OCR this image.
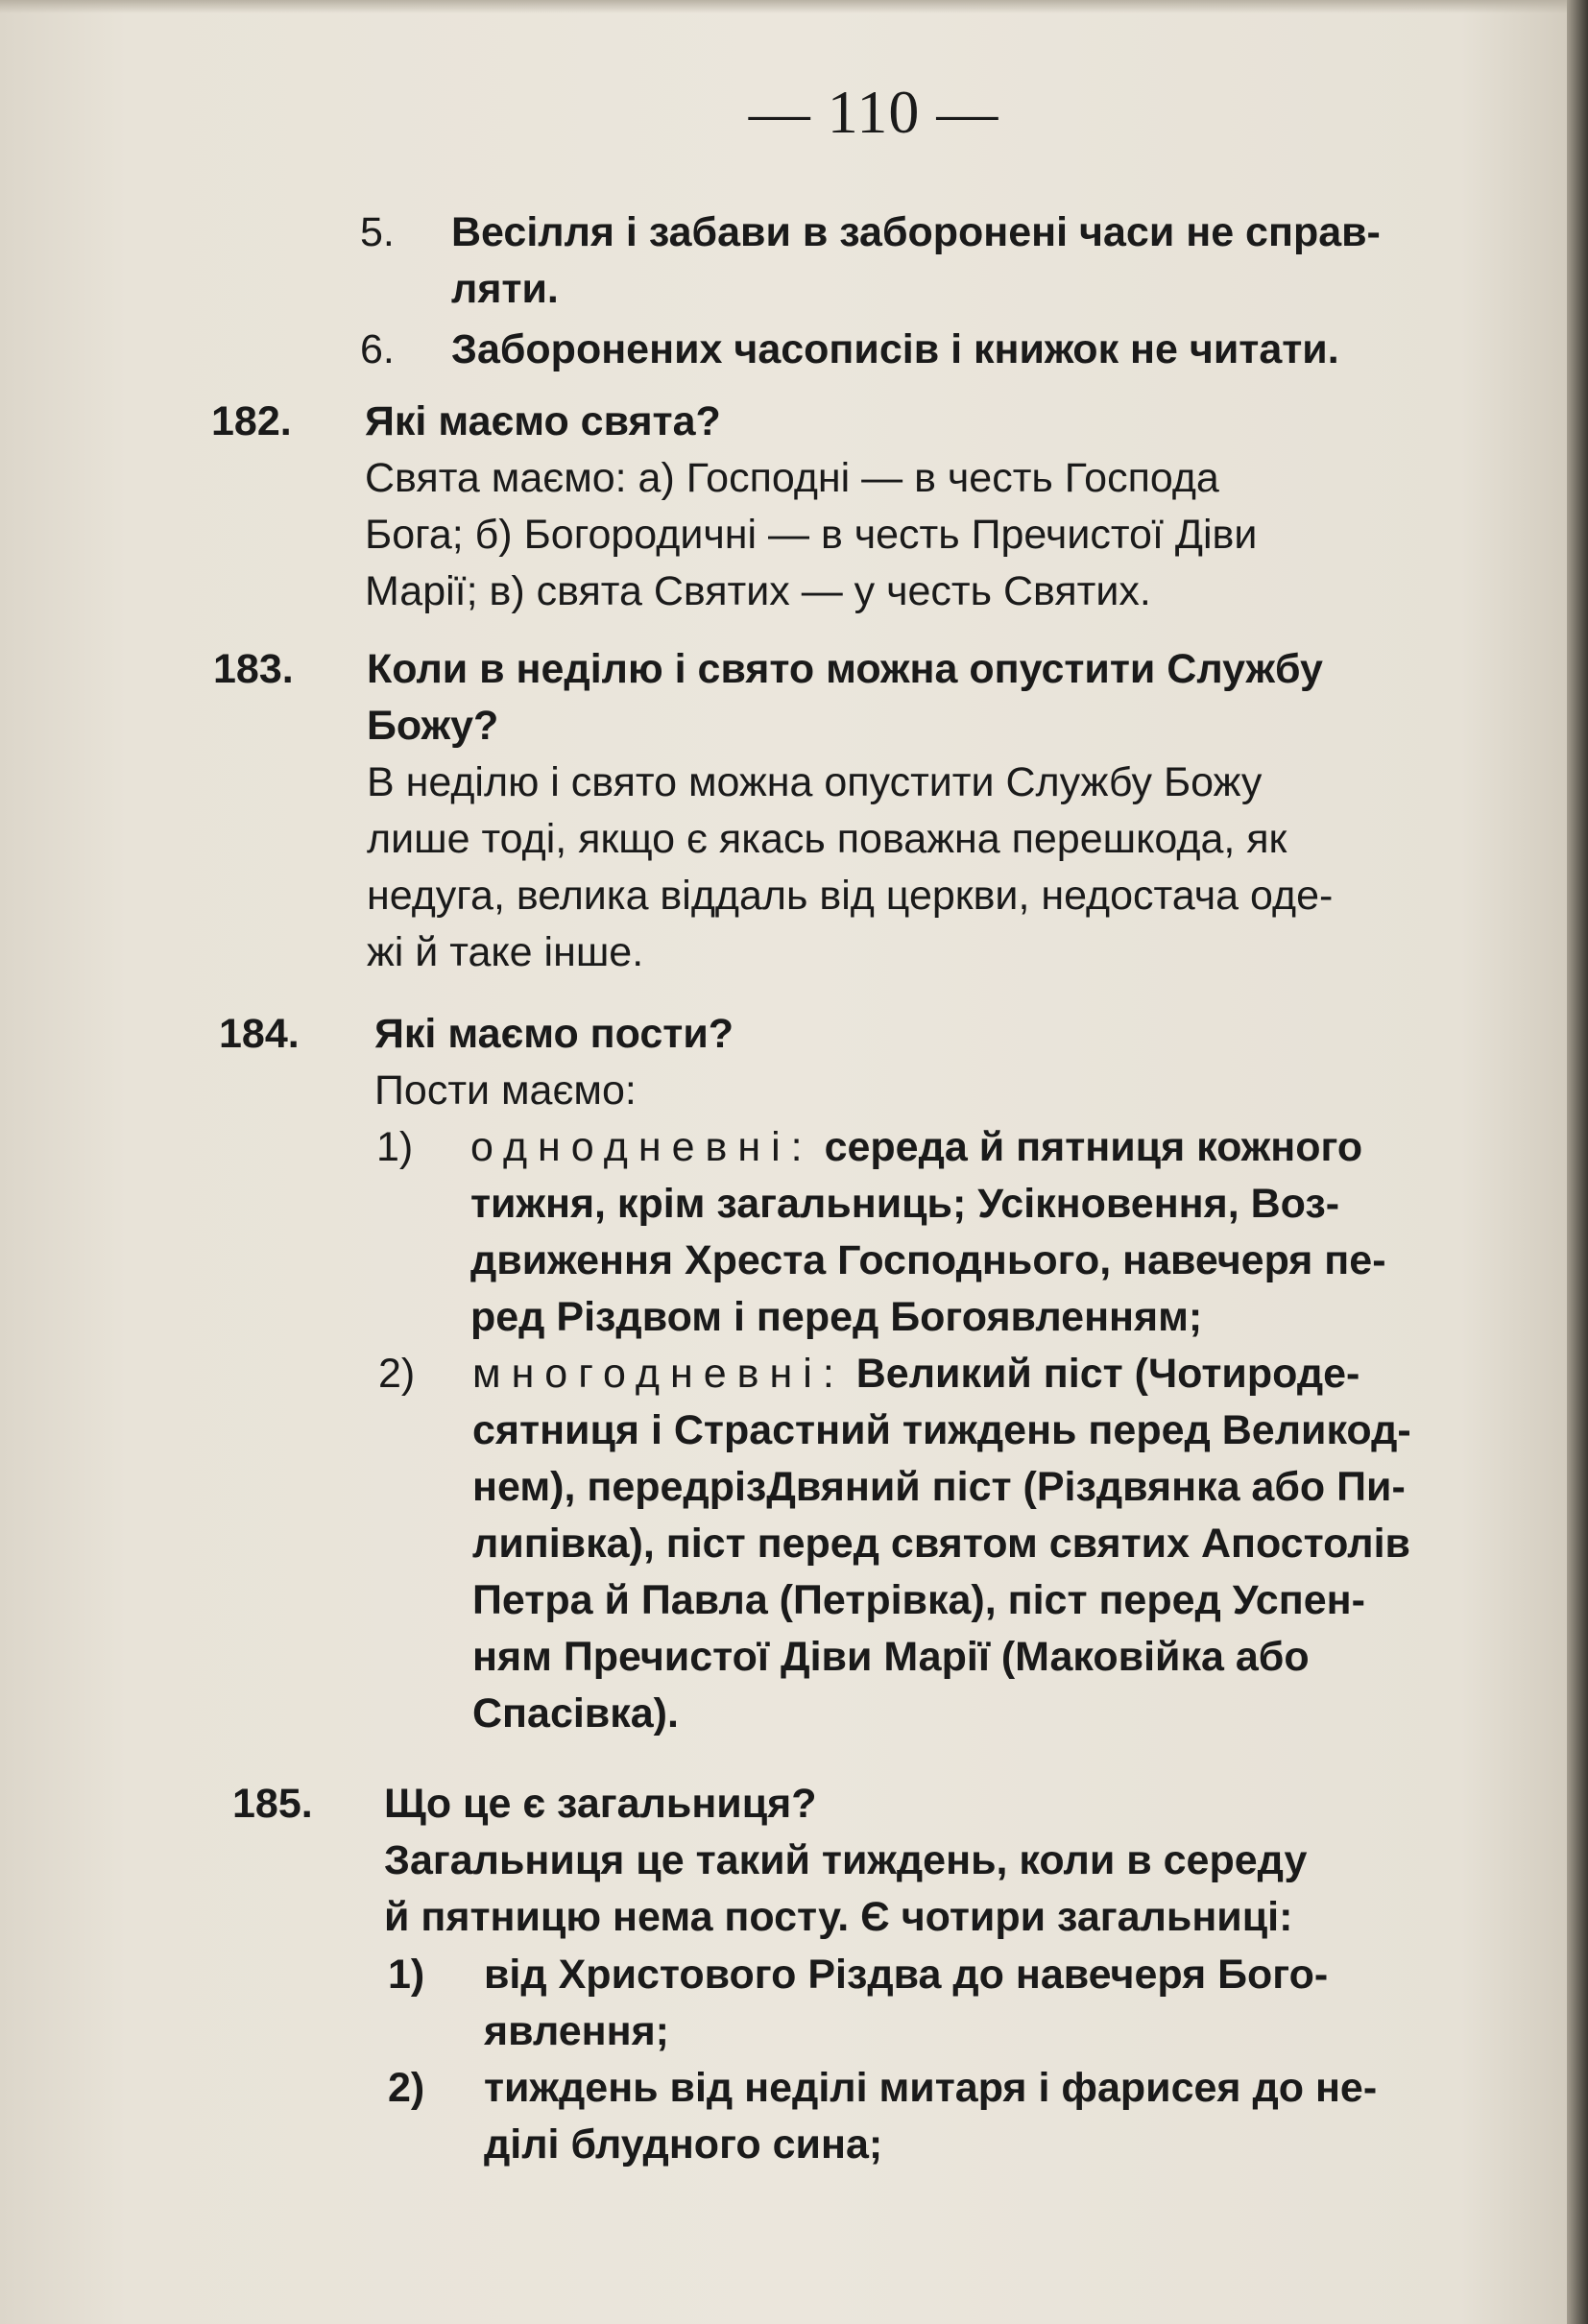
— 110 —
5. Весілля і забави в заборонені часи не справ-
ляти.
6. Заборонених часописів і книжок не читати.
182. Які маємо свята?
Свята маємо: а) Господні — в честь Господа
Бога; б) Богородичні — в честь Пречистої Діви
Марії; в) свята Святих — у честь Святих.
183. Коли в неділю і свято можна опустити Службу
Божу?
В неділю і свято можна опустити Службу Божу
лише тоді, якщо є якась поважна перешкода, як
недуга, велика віддаль від церкви, недостача оде-
жі й таке інше.
184. Які маємо пости?
Пости маємо:
1) однодневні: середа й пятниця кожного
тижня, крім загальниць; Усікновення, Воз-
движення Хреста Господнього, навечеря пе-
ред Різдвом і перед Богоявленням;
2) многодневні: Великий піст (Чотироде-
сятниця і Страстний тиждень перед Великод-
нем), передрізДвяний піст (Різдвянка або Пи-
липівка), піст перед святом святих Апостолів
Петра й Павла (Петрівка), піст перед Успен-
ням Пречистої Діви Марії (Маковійка або
Спасівка).
185. Що це є загальниця?
Загальниця це такий тиждень, коли в середу
й пятницю нема посту. Є чотири загальниці:
1) від Христового Різдва до навечеря Бого-
явлення;
2) тиждень від неділі митаря і фарисея до не-
ділі блудного сина;
